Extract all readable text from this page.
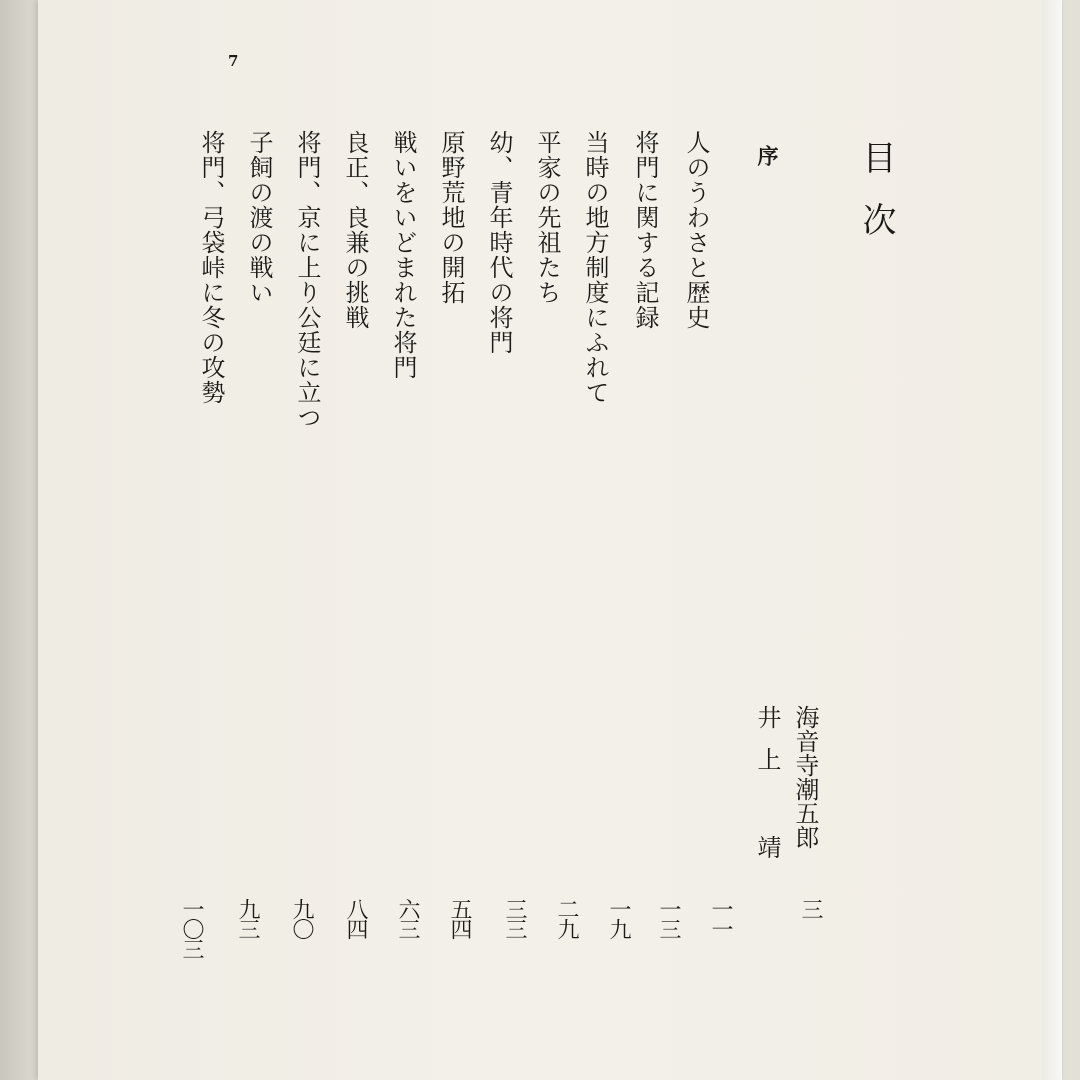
7
目次
序
海音寺潮五郎
井上 靖
三
人のうわさと歴史
将門に関する記録
当時の地方制度にふれて
平家の先祖たち
幼、青年時代の将門
原野荒地の開拓
戦いをいどまれた将門
良正、良兼の挑戦
将門、京に上り公廷に立つ
子飼の渡の戦い
将門、弓袋峠に冬の攻勢
一一
一三
一九
二九
三三
五四
六三
八四
九〇
九三
一〇三
